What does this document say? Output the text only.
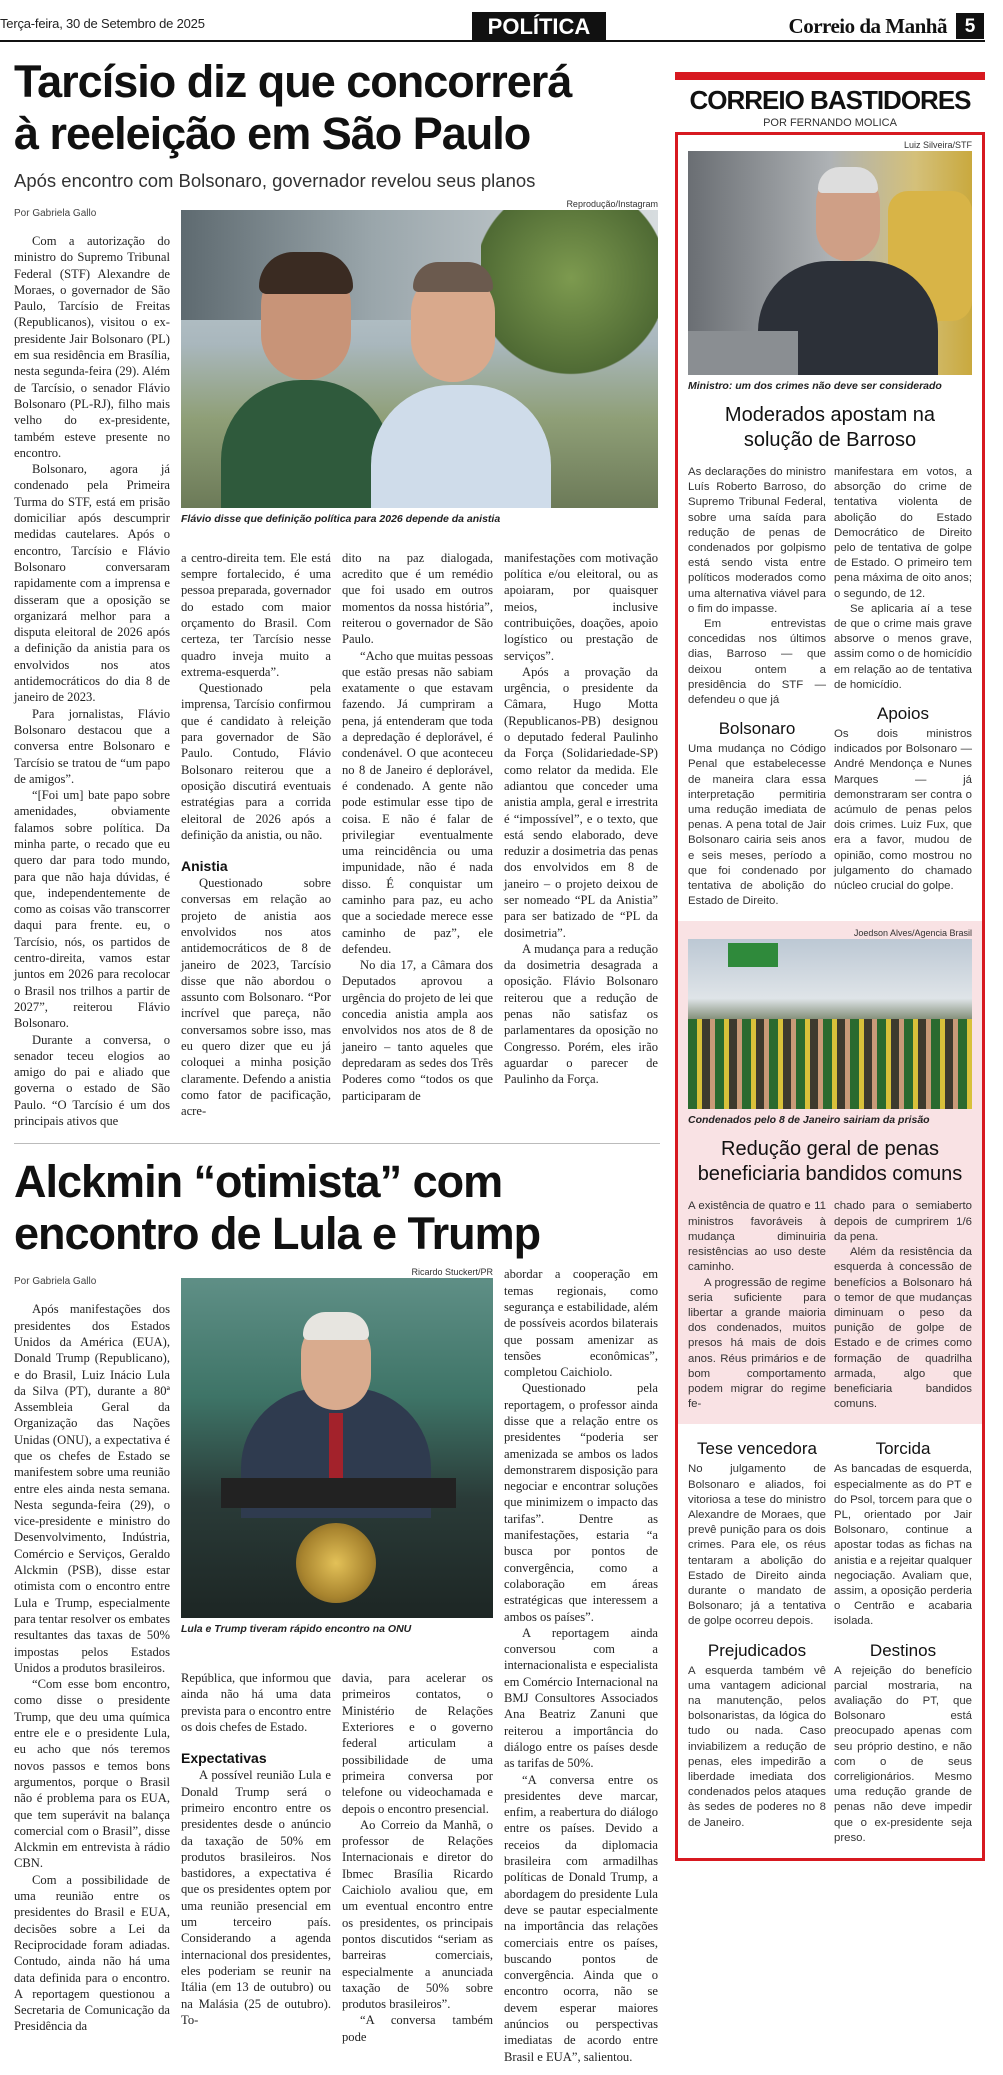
Terça-feira, 30 de Setembro de 2025	POLÍTICA	Correio da Manhã 5
Tarcísio diz que concorrerá
à reeleição em São Paulo
Após encontro com Bolsonaro, governador revelou seus planos
Por Gabriela Gallo

Com a autorização do ministro do Supremo Tribunal Federal (STF) Alexandre de Moraes, o governador de São Paulo, Tarcísio de Freitas (Republicanos), visitou o ex-presidente Jair Bolsonaro (PL) em sua residência em Brasília, nesta segunda-feira (29). Além de Tarcísio, o senador Flávio Bolsonaro (PL-RJ), filho mais velho do ex-presidente, também esteve presente no encontro.

Bolsonaro, agora já condenado pela Primeira Turma do STF, está em prisão domiciliar após descumprir medidas cautelares. Após o encontro, Tarcísio e Flávio Bolsonaro conversaram rapidamente com a imprensa e disseram que a oposição se organizará melhor para a disputa eleitoral de 2026 após a definição da anistia para os envolvidos nos atos antidemocráticos do dia 8 de janeiro de 2023.

Para jornalistas, Flávio Bolsonaro destacou que a conversa entre Bolsonaro e Tarcísio se tratou de “um papo de amigos”.

“[Foi um] bate papo sobre amenidades, obviamente falamos sobre política. Da minha parte, o recado que eu quero dar para todo mundo, para que não haja dúvidas, é que, independentemente de como as coisas vão transcorrer daqui para frente. eu, o Tarcísio, nós, os partidos de centro-direita, vamos estar juntos em 2026 para recolocar o Brasil nos trilhos a partir de 2027”, reiterou Flávio Bolsonaro.

Durante a conversa, o senador teceu elogios ao amigo do pai e aliado que governa o estado de São Paulo. “O Tarcísio é um dos principais ativos que

Reprodução/Instagram
Flávio disse que definição política para 2026 depende da anistia

a centro-direita tem. Ele está sempre fortalecido, é uma pessoa preparada, governador do estado com maior orçamento do Brasil. Com certeza, ter Tarcísio nesse quadro inveja muito a extrema-esquerda”.

Questionado pela imprensa, Tarcísio confirmou que é candidato à releição para governador de São Paulo. Contudo, Flávio Bolsonaro reiterou que a oposição discutirá eventuais estratégias para a corrida eleitoral de 2026 após a definição da anistia, ou não.

Anistia

Questionado sobre conversas em relação ao projeto de anistia aos envolvidos nos atos antidemocráticos de 8 de janeiro de 2023, Tarcísio disse que não abordou o assunto com Bolsonaro. “Por incrível que pareça, não conversamos sobre isso, mas eu quero dizer que eu já coloquei a minha posição claramente. Defendo a anistia como fator de pacificação, acre-

dito na paz dialogada, acredito que é um remédio que foi usado em outros momentos da nossa história”, reiterou o governador de São Paulo.

“Acho que muitas pessoas que estão presas não sabiam exatamente o que estavam fazendo. Já cumpriram a pena, já entenderam que toda a depredação é deplorável, é condenável. O que aconteceu no 8 de Janeiro é deplorável, é condenado. A gente não pode estimular esse tipo de coisa. E não é falar de privilegiar eventualmente uma reincidência ou uma impunidade, não é nada disso. É conquistar um caminho para paz, eu acho que a sociedade merece esse caminho de paz”, ele defendeu.

No dia 17, a Câmara dos Deputados aprovou a urgência do projeto de lei que concedia anistia ampla aos envolvidos nos atos de 8 de janeiro – tanto aqueles que depredaram as sedes dos Três Poderes como “todos os que participaram de

manifestações com motivação política e/ou eleitoral, ou as apoiaram, por quaisquer meios, inclusive contribuições, doações, apoio logístico ou prestação de serviços”.

Após a provação da urgência, o presidente da Câmara, Hugo Motta (Republicanos-PB) designou o deputado federal Paulinho da Força (Solidariedade-SP) como relator da medida. Ele adiantou que conceder uma anistia ampla, geral e irrestrita é “impossível”, e o texto, que está sendo elaborado, deve reduzir a dosimetria das penas dos envolvidos em 8 de janeiro – o projeto deixou de ser nomeado “PL da Anistia” para ser batizado de “PL da dosimetria”.

A mudança para a redução da dosimetria desagrada a oposição. Flávio Bolsonaro reiterou que a redução de penas não satisfaz os parlamentares da oposição no Congresso. Porém, eles irão aguardar o parecer de Paulinho da Força.

Alckmin “otimista” com
encontro de Lula e Trump
Por Gabriela Gallo

Após manifestações dos presidentes dos Estados Unidos da América (EUA), Donald Trump (Republicano), e do Brasil, Luiz Inácio Lula da Silva (PT), durante a 80ª Assembleia Geral da Organização das Nações Unidas (ONU), a expectativa é que os chefes de Estado se manifestem sobre uma reunião entre eles ainda nesta semana. Nesta segunda-feira (29), o vice-presidente e ministro do Desenvolvimento, Indústria, Comércio e Serviços, Geraldo Alckmin (PSB), disse estar otimista com o encontro entre Lula e Trump, especialmente para tentar resolver os embates resultantes das taxas de 50% impostas pelos Estados Unidos a produtos brasileiros.

“Com esse bom encontro, como disse o presidente Trump, que deu uma química entre ele e o presidente Lula, eu acho que nós teremos novos passos e temos bons argumentos, porque o Brasil não é problema para os EUA, que tem superávit na balança comercial com o Brasil”, disse Alckmin em entrevista à rádio CBN.

Com a possibilidade de uma reunião entre os presidentes do Brasil e EUA, decisões sobre a Lei da Reciprocidade foram adiadas. Contudo, ainda não há uma data definida para o encontro. A reportagem questionou a Secretaria de Comunicação da Presidência da

Ricardo Stuckert/PR
Lula e Trump tiveram rápido encontro na ONU

República, que informou que ainda não há uma data prevista para o encontro entre os dois chefes de Estado.

Expectativas

A possível reunião Lula e Donald Trump será o primeiro encontro entre os presidentes desde o anúncio da taxação de 50% em produtos brasileiros. Nos bastidores, a expectativa é que os presidentes optem por uma reunião presencial em um terceiro país. Considerando a agenda internacional dos presidentes, eles poderiam se reunir na Itália (em 13 de outubro) ou na Malásia (25 de outubro). To-

davia, para acelerar os primeiros contatos, o Ministério de Relações Exteriores e o governo federal articulam a possibilidade de uma primeira conversa por telefone ou videochamada e depois o encontro presencial.

Ao Correio da Manhã, o professor de Relações Internacionais e diretor do Ibmec Brasília Ricardo Caichiolo avaliou que, em um eventual encontro entre os presidentes, os principais pontos discutidos “seriam as barreiras comerciais, especialmente a anunciada taxação de 50% sobre produtos brasileiros”.

“A conversa também pode

abordar a cooperação em temas regionais, como segurança e estabilidade, além de possíveis acordos bilaterais que possam amenizar as tensões econômicas”, completou Caichiolo.

Questionado pela reportagem, o professor ainda disse que a relação entre os presidentes “poderia ser amenizada se ambos os lados demonstrarem disposição para negociar e encontrar soluções que minimizem o impacto das tarifas”. Dentre as manifestações, estaria “a busca por pontos de convergência, como a colaboração em áreas estratégicas que interessem a ambos os países”.

A reportagem ainda conversou com a internacionalista e especialista em Comércio Internacional na BMJ Consultores Associados Ana Beatriz Zanuni que reiterou a importância do diálogo entre os países desde as tarifas de 50%.

“A conversa entre os presidentes deve marcar, enfim, a reabertura do diálogo entre os países. Devido a receios da diplomacia brasileira com armadilhas políticas de Donald Trump, a abordagem do presidente Lula deve se pautar especialmente na importância das relações comerciais entre os países, buscando pontos de convergência. Ainda que o encontro ocorra, não se devem esperar maiores anúncios ou perspectivas imediatas de acordo entre Brasil e EUA”, salientou.

CORREIO BASTIDORES
POR FERNANDO MOLICA
Luiz Silveira/STF
Ministro: um dos crimes não deve ser considerado
Moderados apostam na
solução de Barroso

As declarações do ministro Luís Roberto Barroso, do Supremo Tribunal Federal, sobre uma saída para redução de penas de condenados por golpismo está sendo vista entre políticos moderados como uma alternativa viável para o fim do impasse.

Em entrevistas concedidas nos últimos dias, Barroso — que deixou ontem a presidência do STF — defendeu o que já

Bolsonaro

Uma mudança no Código Penal que estabelecesse de maneira clara essa interpretação permitiria uma redução imediata de penas. A pena total de Jair Bolsonaro cairia seis anos e seis meses, período a que foi condenado por tentativa de abolição do Estado de Direito.

manifestara em votos, a absorção do crime de tentativa violenta de abolição do Estado Democrático de Direito pelo de tentativa de golpe de Estado. O primeiro tem pena máxima de oito anos; o segundo, de 12.

Se aplicaria aí a tese de que o crime mais grave absorve o menos grave, assim como o de homicídio em relação ao de tentativa de homicídio.

Apoios

Os dois ministros indicados por Bolsonaro — André Mendonça e Nunes Marques — já demonstraram ser contra o acúmulo de penas pelos dois crimes. Luiz Fux, que era a favor, mudou de opinião, como mostrou no julgamento do chamado núcleo crucial do golpe.

Joedson Alves/Agencia Brasil
Condenados pelo 8 de Janeiro sairiam da prisão
Redução geral de penas
beneficiaria bandidos comuns

A existência de quatro e 11 ministros favoráveis à mudança diminuiria resistências ao uso deste caminho.

A progressão de regime seria suficiente para libertar a grande maioria dos condenados, muitos presos há mais de dois anos. Réus primários e de bom comportamento podem migrar do regime fe-

chado para o semiaberto depois de cumprirem 1/6 da pena.

Além da resistência da esquerda à concessão de benefícios a Bolsonaro há o temor de que mudanças diminuam o peso da punição de golpe de Estado e de crimes como formação de quadrilha armada, algo que beneficiaria bandidos comuns.

Tese vencedora

No julgamento de Bolsonaro e aliados, foi vitoriosa a tese do ministro Alexandre de Moraes, que prevê punição para os dois crimes. Para ele, os réus tentaram a abolição do Estado de Direito ainda durante o mandato de Bolsonaro; já a tentativa de golpe ocorreu depois.

Prejudicados

A esquerda também vê uma vantagem adicional na manutenção, pelos bolsonaristas, da lógica do tudo ou nada. Caso inviabilizem a redução de penas, eles impedirão a liberdade imediata dos condenados pelos ataques às sedes de poderes no 8 de Janeiro.

Torcida

As bancadas de esquerda, especialmente as do PT e do Psol, torcem para que o PL, orientado por Jair Bolsonaro, continue a apostar todas as fichas na anistia e a rejeitar qualquer negociação. Avaliam que, assim, a oposição perderia o Centrão e acabaria isolada.

Destinos

A rejeição do benefício parcial mostraria, na avaliação do PT, que Bolsonaro está preocupado apenas com seu próprio destino, e não com o de seus correligionários. Mesmo uma redução grande de penas não deve impedir que o ex-presidente seja preso.
